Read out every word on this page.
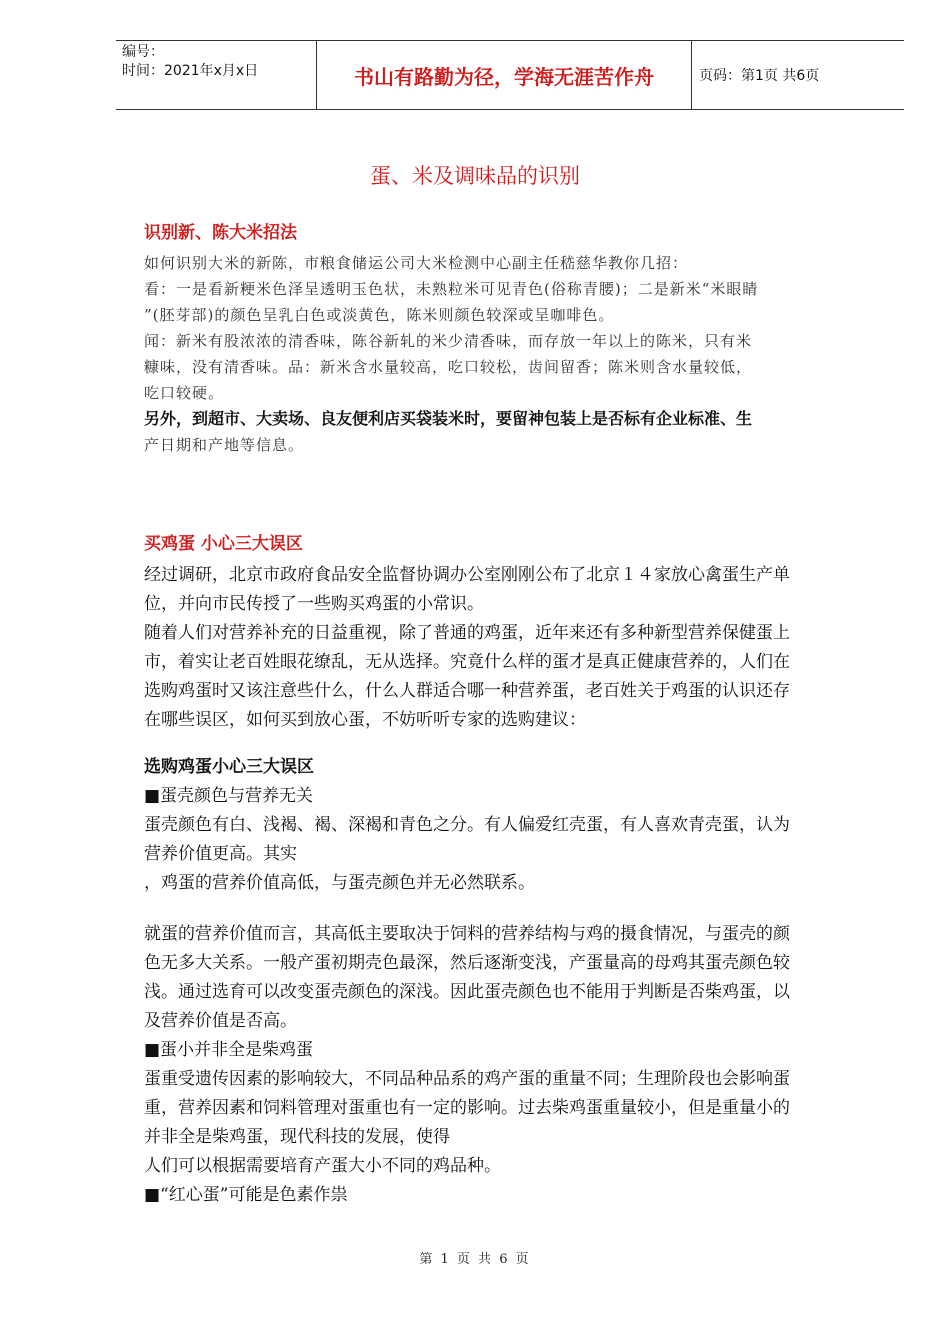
编号：
时间：2021年x月x日	书山有路勤为径，学海无涯苦作舟	页码：第1页 共6页
蛋、米及调味品的识别
识别新、陈大米招法

如何识别大米的新陈，市粮食储运公司大米检测中心副主任嵇慈华教你几招：

看：一是看新粳米色泽呈透明玉色状，未熟粒米可见青色(俗称青腰)；二是新米“米眼睛

”(胚芽部)的颜色呈乳白色或淡黄色，陈米则颜色较深或呈咖啡色。

闻：新米有股浓浓的清香味，陈谷新轧的米少清香味，而存放一年以上的陈米，只有米

糠味，没有清香味。品：新米含水量较高，吃口较松，齿间留香；陈米则含水量较低，

吃口较硬。

另外，到超市、大卖场、良友便利店买袋装米时，要留神包装上是否标有企业标准、生

产日期和产地等信息。

买鸡蛋 小心三大误区

经过调研，北京市政府食品安全监督协调办公室刚刚公布了北京１４家放心禽蛋生产单

位，并向市民传授了一些购买鸡蛋的小常识。

随着人们对营养补充的日益重视，除了普通的鸡蛋，近年来还有多种新型营养保健蛋上

市，着实让老百姓眼花缭乱，无从选择。究竟什么样的蛋才是真正健康营养的，人们在

选购鸡蛋时又该注意些什么，什么人群适合哪一种营养蛋，老百姓关于鸡蛋的认识还存

在哪些误区，如何买到放心蛋，不妨听听专家的选购建议：

选购鸡蛋小心三大误区

■蛋壳颜色与营养无关

蛋壳颜色有白、浅褐、褐、深褐和青色之分。有人偏爱红壳蛋，有人喜欢青壳蛋，认为

营养价值更高。其实

，鸡蛋的营养价值高低，与蛋壳颜色并无必然联系。

就蛋的营养价值而言，其高低主要取决于饲料的营养结构与鸡的摄食情况，与蛋壳的颜

色无多大关系。一般产蛋初期壳色最深，然后逐渐变浅，产蛋量高的母鸡其蛋壳颜色较

浅。通过选育可以改变蛋壳颜色的深浅。因此蛋壳颜色也不能用于判断是否柴鸡蛋，以

及营养价值是否高。

■蛋小并非全是柴鸡蛋

蛋重受遗传因素的影响较大，不同品种品系的鸡产蛋的重量不同；生理阶段也会影响蛋

重，营养因素和饲料管理对蛋重也有一定的影响。过去柴鸡蛋重量较小，但是重量小的

并非全是柴鸡蛋，现代科技的发展，使得

人们可以根据需要培育产蛋大小不同的鸡品种。

■“红心蛋”可能是色素作祟

第 1 页 共 6 页
